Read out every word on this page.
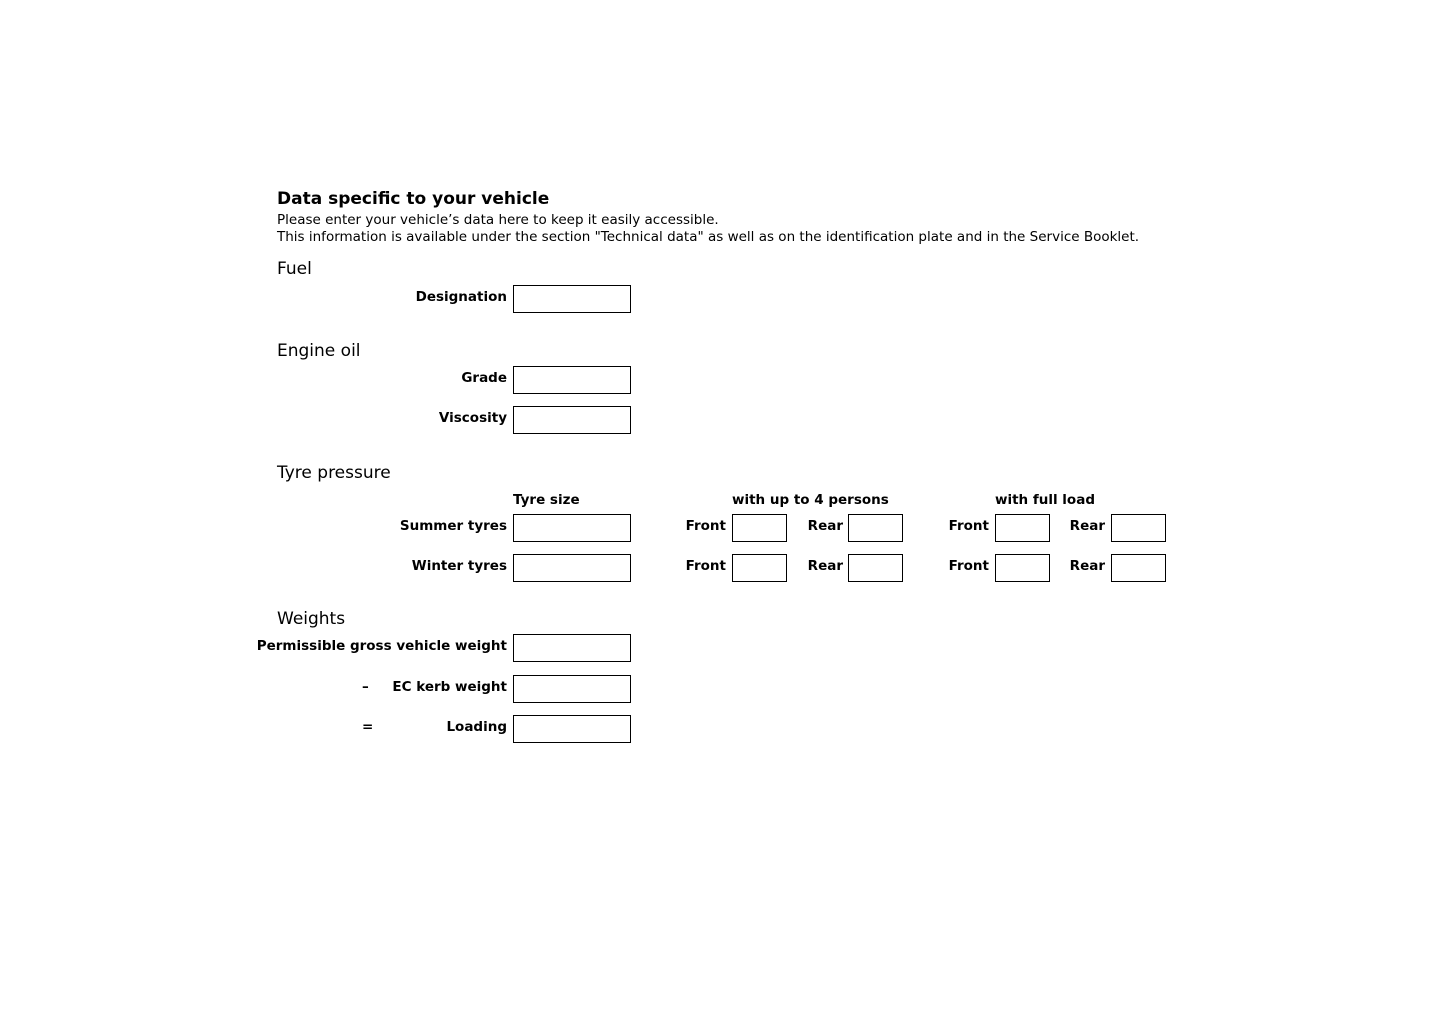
Data specific to your vehicle
Please enter your vehicle’s data here to keep it easily accessible.
This information is available under the section "Technical data" as well as on the identification plate and in the Service Booklet.
Fuel
Designation
Engine oil
Grade
Viscosity
Tyre pressure
Tyre size	with up to 4 persons	with full load
Summer tyres	Front	Rear	Front	Rear
Winter tyres	Front	Rear	Front	Rear
Weights
Permissible gross vehicle weight
– EC kerb weight
=	Loading
